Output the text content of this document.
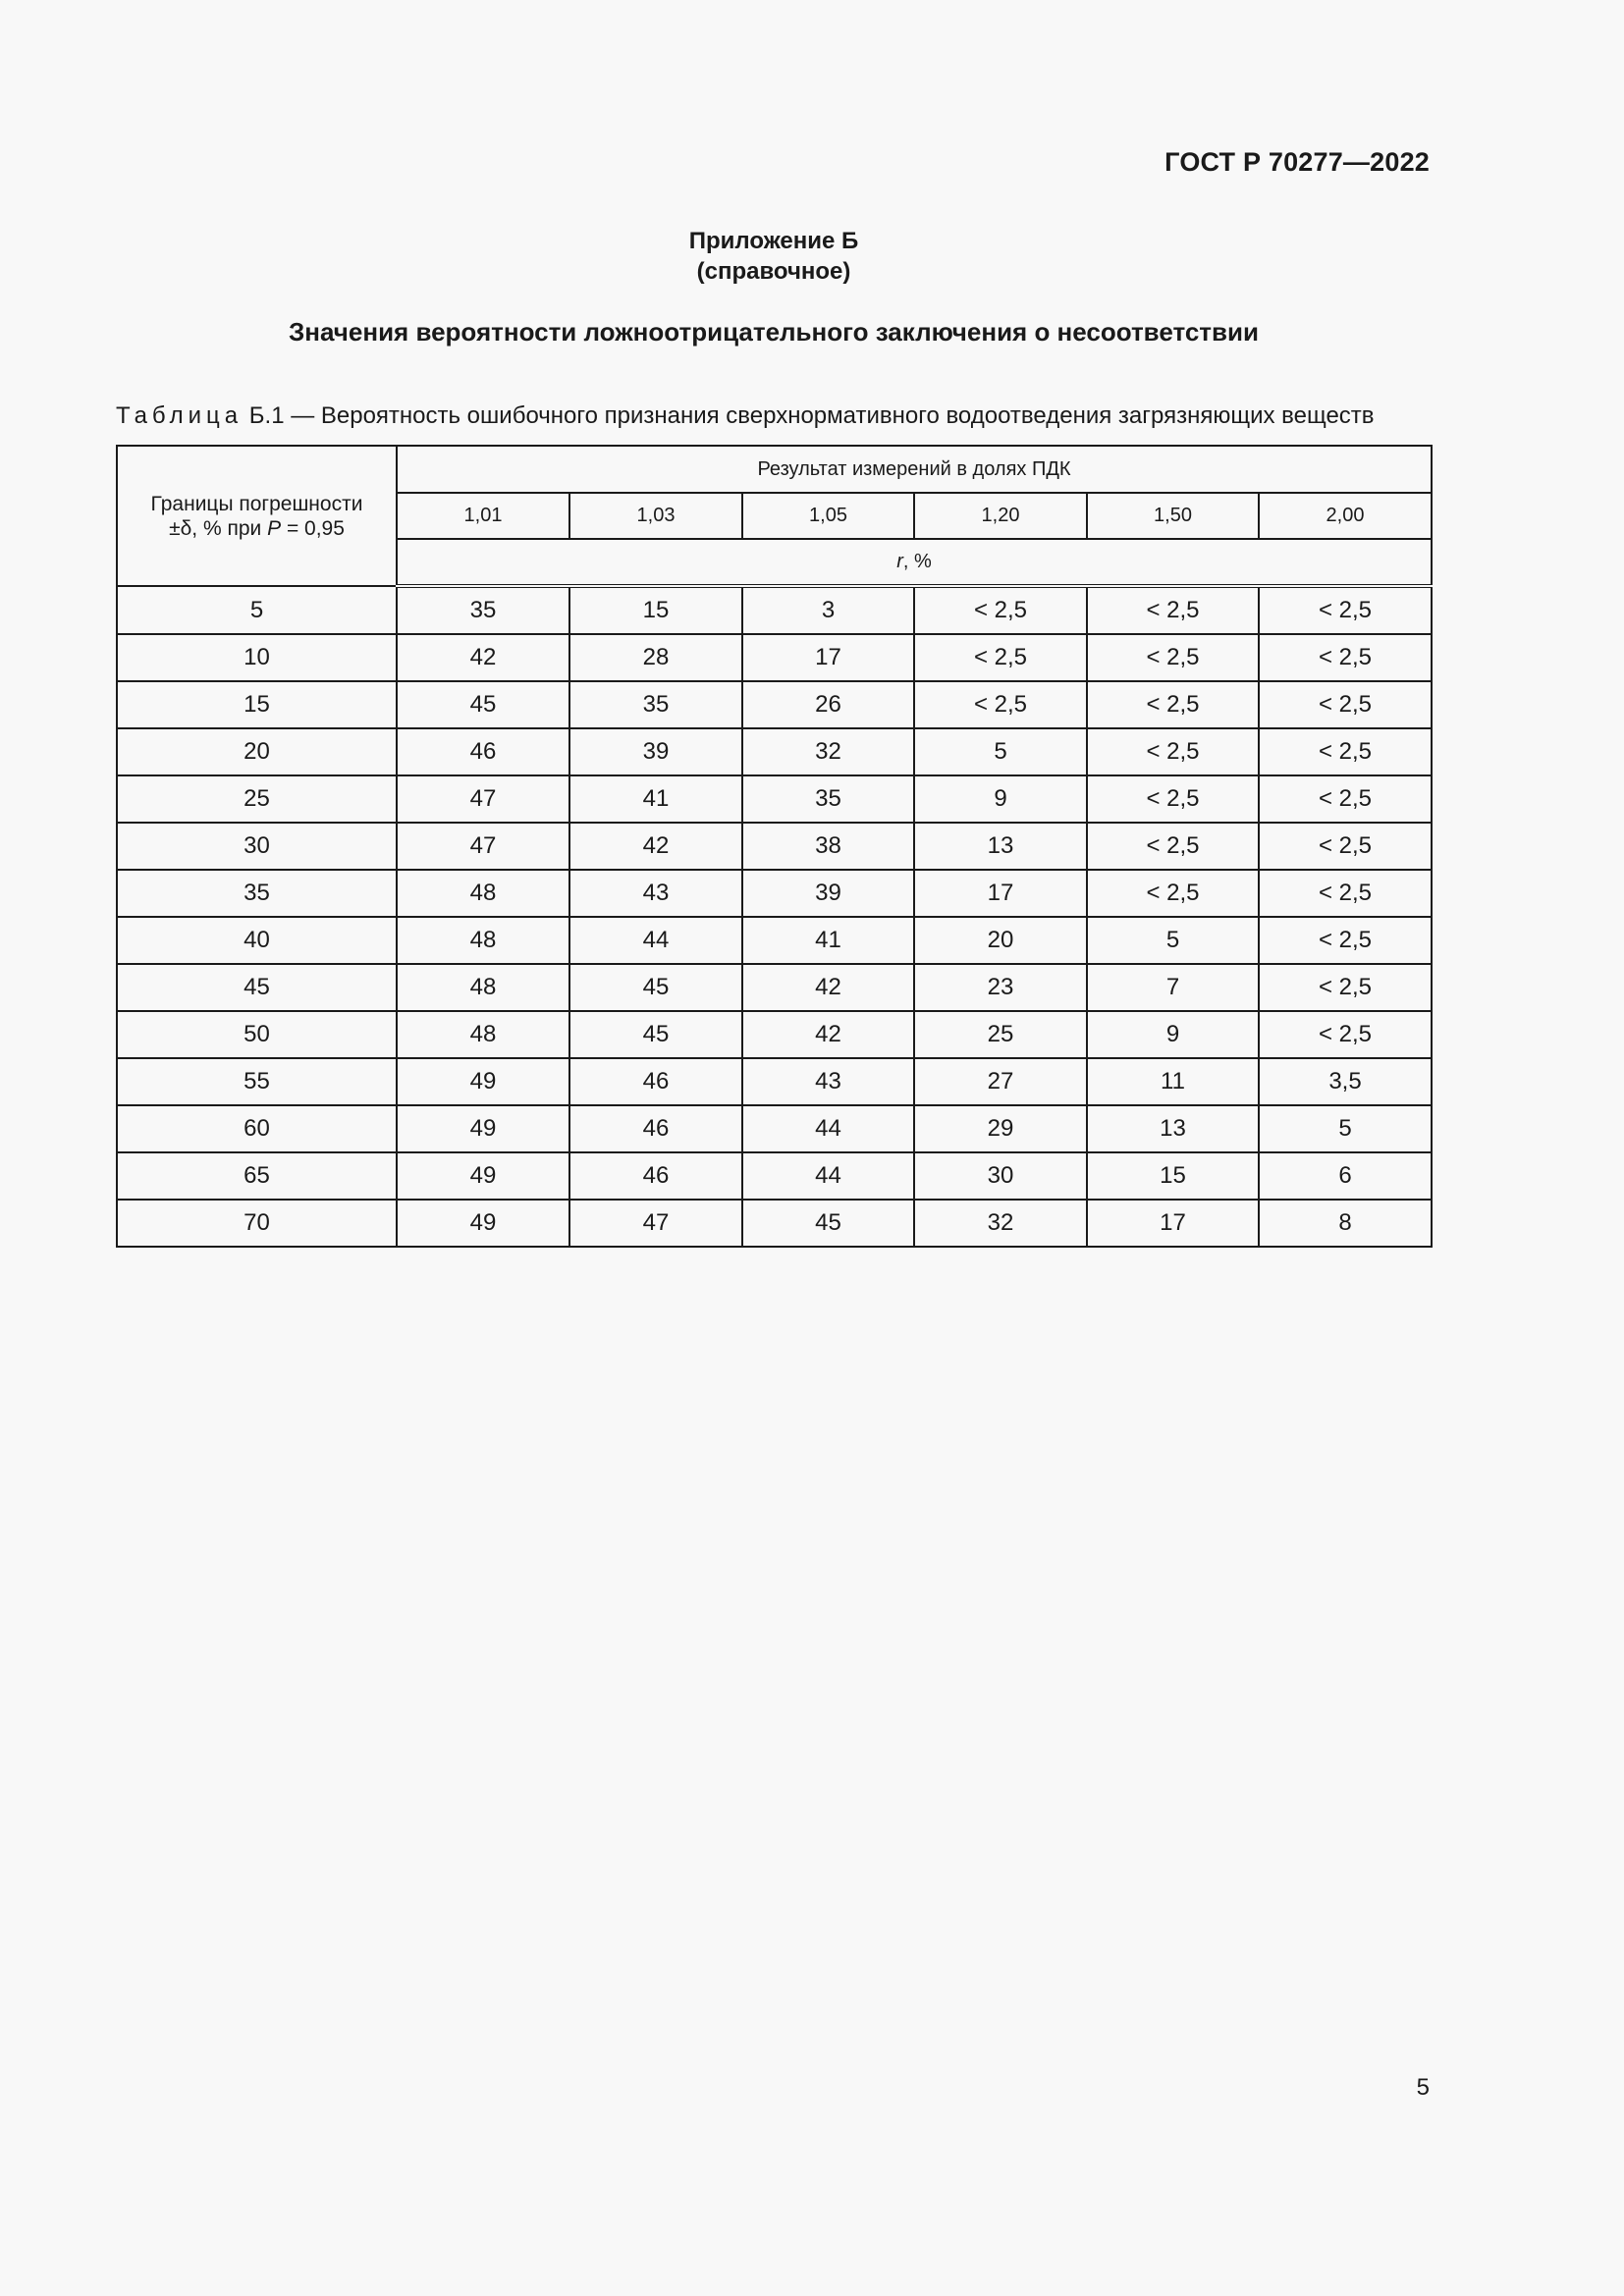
ГОСТ Р 70277—2022
Приложение Б
(справочное)
Значения вероятности ложноотрицательного заключения о несоответствии
Таблица Б.1 — Вероятность ошибочного признания сверхнормативного водоотведения загрязняющих веществ
Границы погрешности
±δ, % при P = 0,95	Результат измерений в долях ПДК					
	1,01	1,03	1,05	1,20	1,50	2,00
	r, %					
5	35	15	3	< 2,5	< 2,5	< 2,5
10	42	28	17	< 2,5	< 2,5	< 2,5
15	45	35	26	< 2,5	< 2,5	< 2,5
20	46	39	32	5	< 2,5	< 2,5
25	47	41	35	9	< 2,5	< 2,5
30	47	42	38	13	< 2,5	< 2,5
35	48	43	39	17	< 2,5	< 2,5
40	48	44	41	20	5	< 2,5
45	48	45	42	23	7	< 2,5
50	48	45	42	25	9	< 2,5
55	49	46	43	27	11	3,5
60	49	46	44	29	13	5
65	49	46	44	30	15	6
70	49	47	45	32	17	8
5
